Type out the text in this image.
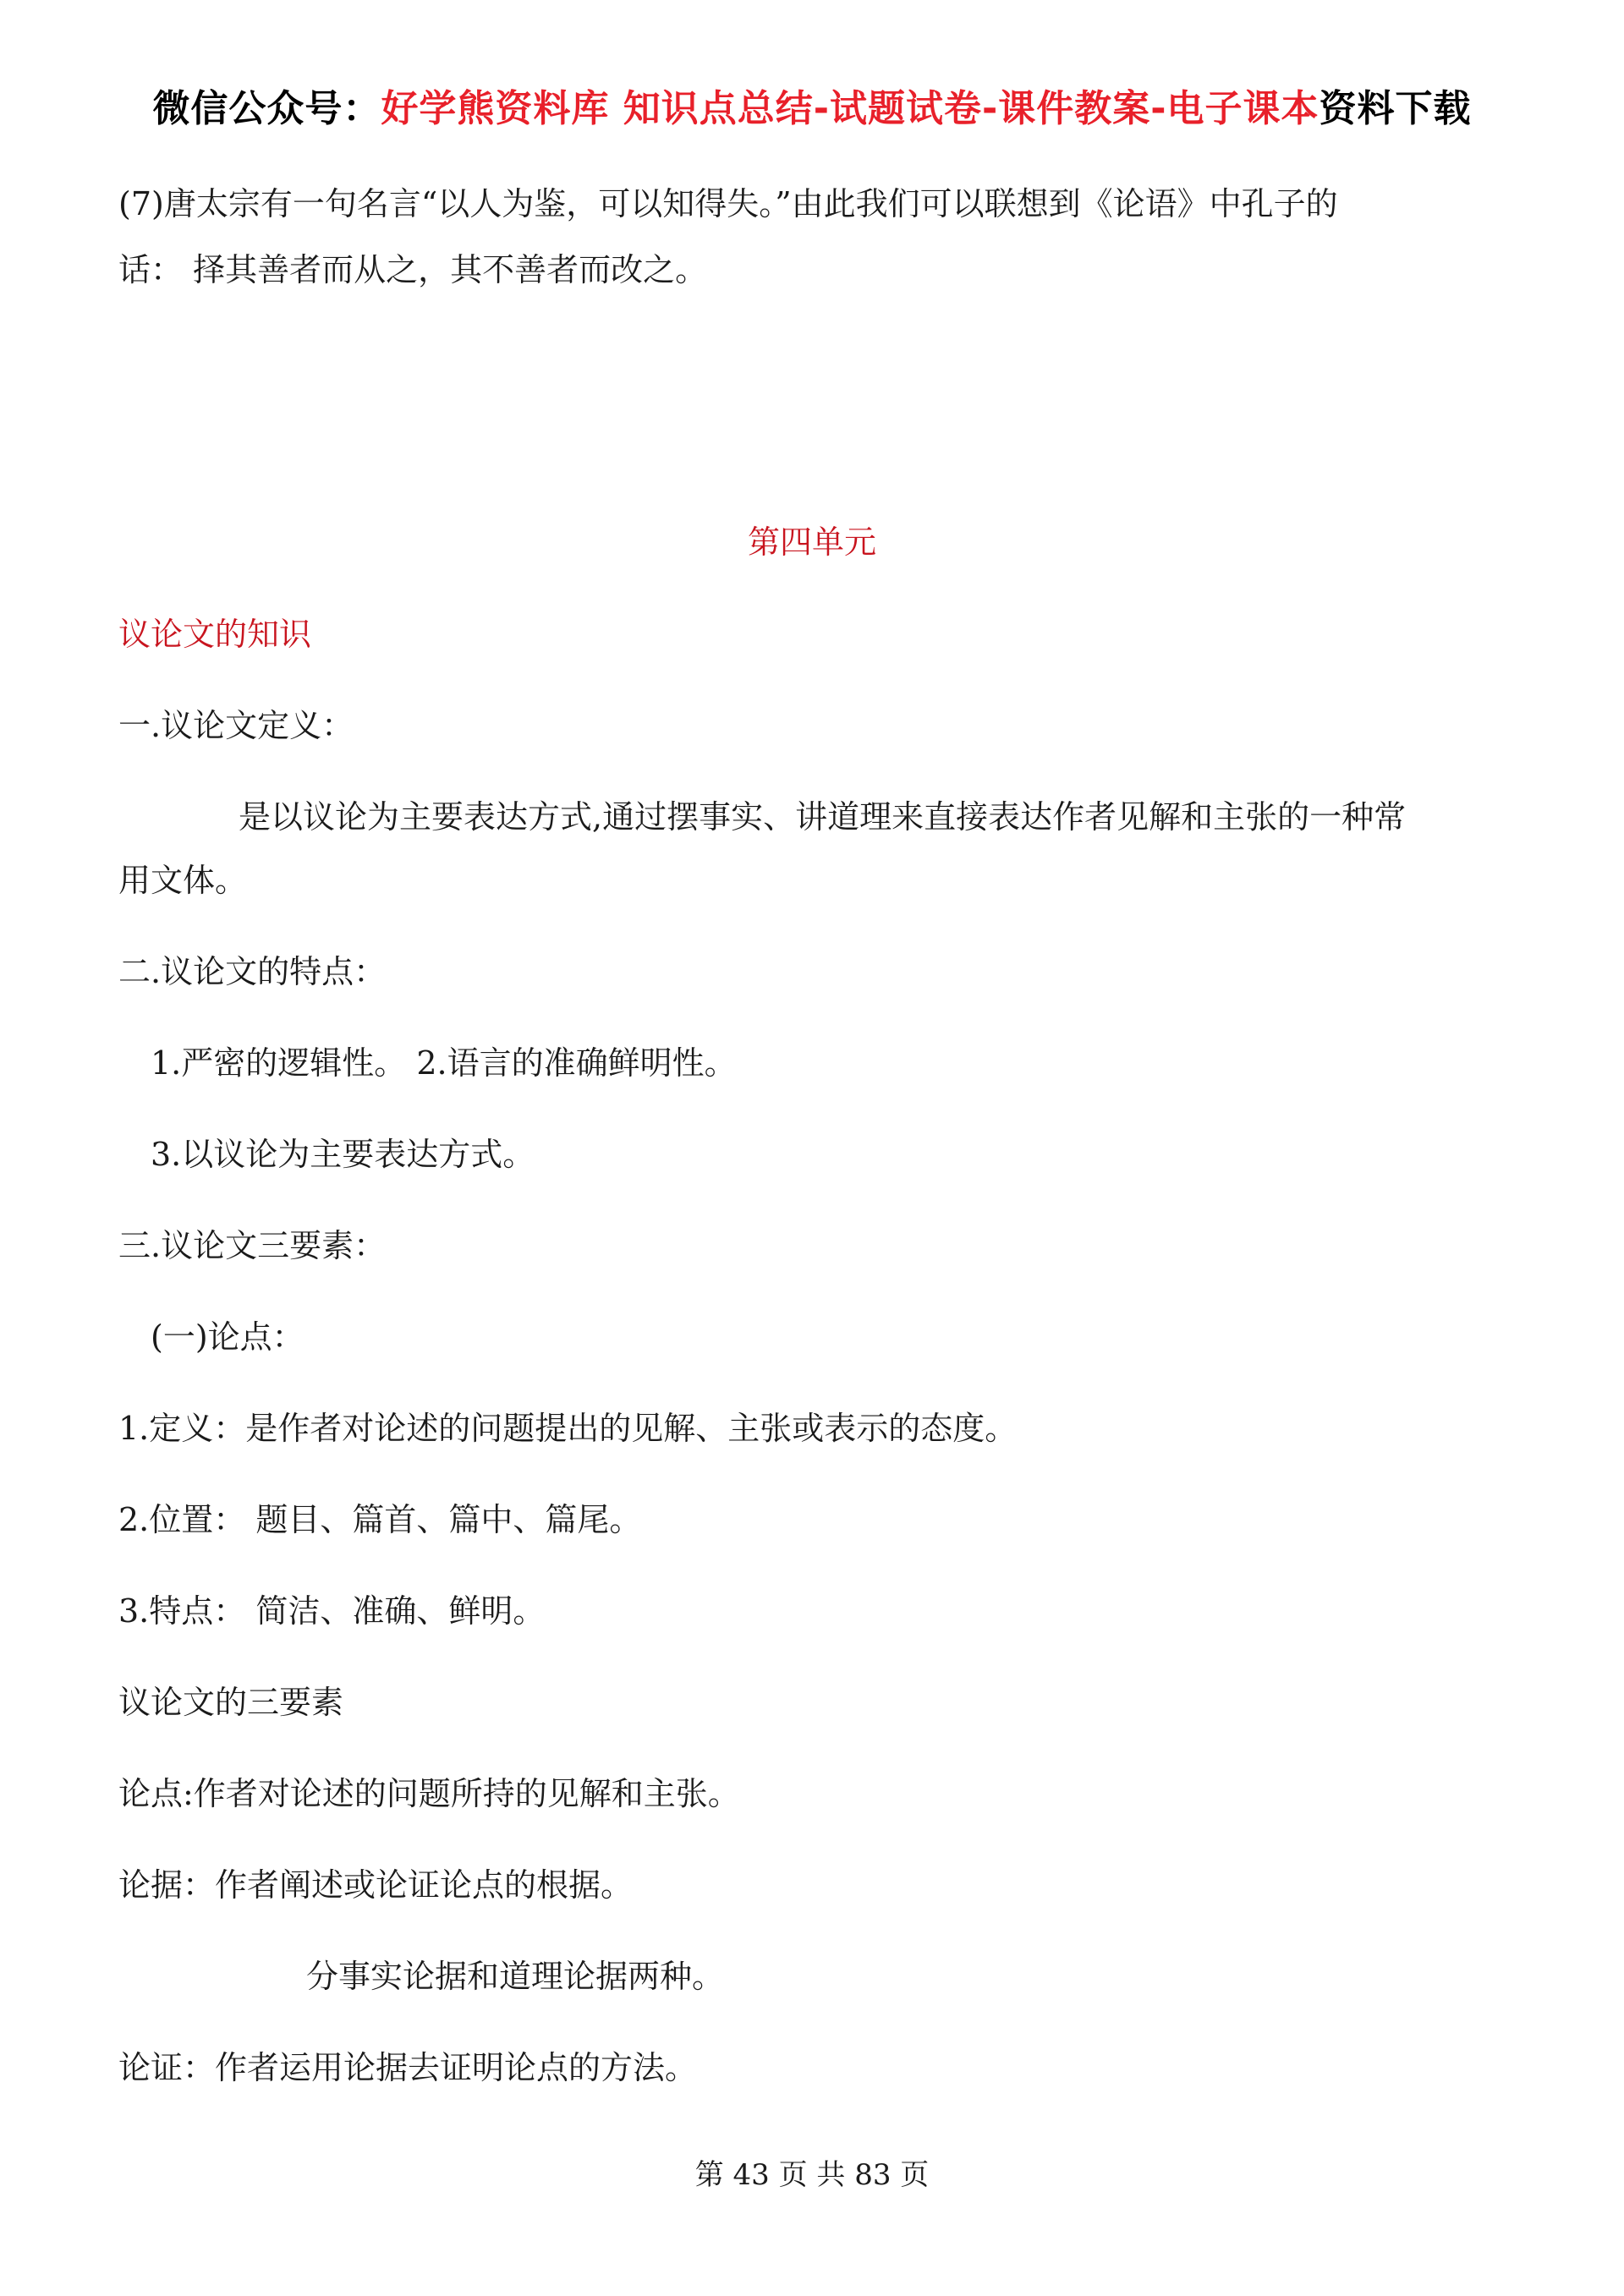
微信公众号：好学熊资料库 知识点总结-试题试卷-课件教案-电子课本资料下载
(7)唐太宗有一句名言“以人为鉴，可以知得失。”由此我们可以联想到《论语》中孔子的
话： 择其善者而从之，其不善者而改之。
第四单元
议论文的知识
一.议论文定义：
是以议论为主要表达方式,通过摆事实、讲道理来直接表达作者见解和主张的一种常
用文体。
二.议论文的特点：
1.严密的逻辑性。 2.语言的准确鲜明性。
3.以议论为主要表达方式。
三.议论文三要素：
(一)论点：
1.定义：是作者对论述的问题提出的见解、主张或表示的态度。
2.位置： 题目、篇首、篇中、篇尾。
3.特点： 简洁、准确、鲜明。
议论文的三要素
论点:作者对论述的问题所持的见解和主张。
论据：作者阐述或论证论点的根据。
分事实论据和道理论据两种。
论证：作者运用论据去证明论点的方法。
第 43 页 共 83 页
